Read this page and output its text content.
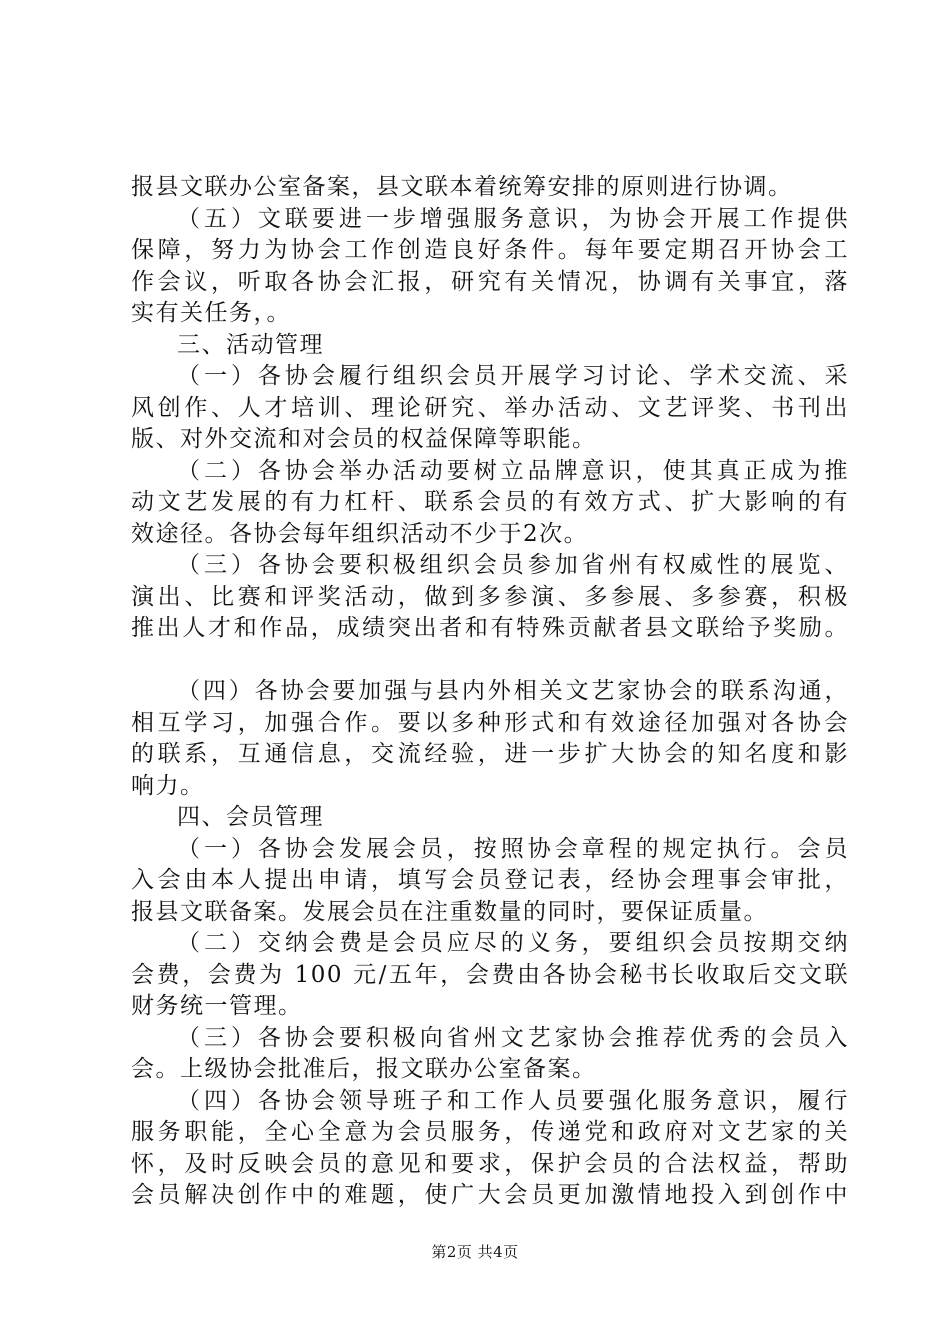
报县文联办公室备案，县文联本着统筹安排的原则进行协调。
（五）文联要进一步增强服务意识，为协会开展工作提供
保障，努力为协会工作创造良好条件。每年要定期召开协会工
作会议，听取各协会汇报，研究有关情况，协调有关事宜，落
实有关任务，。
三、活动管理
（一）各协会履行组织会员开展学习讨论、学术交流、采
风创作、人才培训、理论研究、举办活动、文艺评奖、书刊出
版、对外交流和对会员的权益保障等职能。
（二）各协会举办活动要树立品牌意识，使其真正成为推
动文艺发展的有力杠杆、联系会员的有效方式、扩大影响的有
效途径。各协会每年组织活动不少于2次。
（三）各协会要积极组织会员参加省州有权威性的展览、
演出、比赛和评奖活动，做到多参演、多参展、多参赛，积极
推出人才和作品，成绩突出者和有特殊贡献者县文联给予奖励。
（四）各协会要加强与县内外相关文艺家协会的联系沟通，
相互学习，加强合作。要以多种形式和有效途径加强对各协会
的联系，互通信息，交流经验，进一步扩大协会的知名度和影
响力。
四、会员管理
（一）各协会发展会员，按照协会章程的规定执行。会员
入会由本人提出申请，填写会员登记表，经协会理事会审批，
报县文联备案。发展会员在注重数量的同时，要保证质量。
（二）交纳会费是会员应尽的义务，要组织会员按期交纳
会费，会费为 100 元/五年，会费由各协会秘书长收取后交文联
财务统一管理。
（三）各协会要积极向省州文艺家协会推荐优秀的会员入
会。上级协会批准后，报文联办公室备案。
（四）各协会领导班子和工作人员要强化服务意识，履行
服务职能，全心全意为会员服务，传递党和政府对文艺家的关
怀，及时反映会员的意见和要求，保护会员的合法权益，帮助
会员解决创作中的难题，使广大会员更加激情地投入到创作中
第2页 共4页
